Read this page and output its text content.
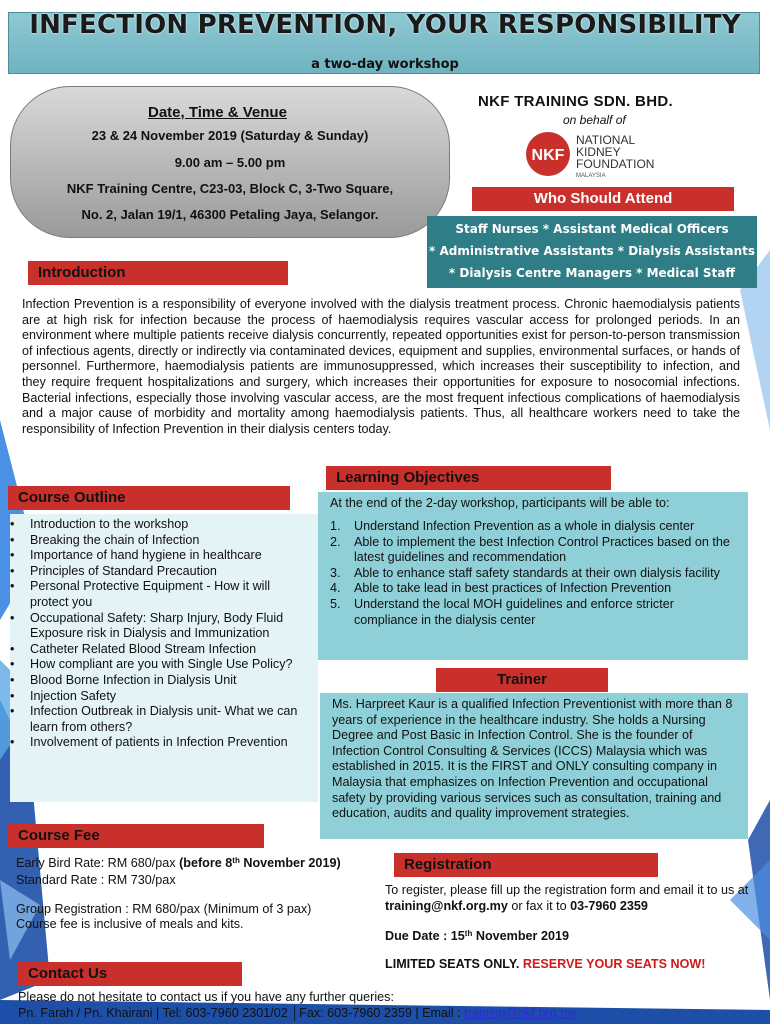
INFECTION PREVENTION, YOUR RESPONSIBILITY
a two-day workshop
Date, Time & Venue
23 & 24 November 2019 (Saturday & Sunday)
9.00 am – 5.00 pm
NKF Training Centre, C23-03, Block C, 3-Two Square,
No. 2, Jalan 19/1, 46300 Petaling Jaya, Selangor.
NKF TRAINING SDN. BHD.
on behalf of
NKF
NATIONAL
KIDNEY
FOUNDATION
MALAYSIA
Who Should Attend
Staff Nurses * Assistant Medical Officers
* Administrative Assistants * Dialysis Assistants
* Dialysis Centre Managers * Medical Staff
Introduction
Infection Prevention is a responsibility of everyone involved with the dialysis treatment process. Chronic haemodialysis patients are at high risk for infection because the process of haemodialysis requires vascular access for prolonged periods. In an environment where multiple patients receive dialysis concurrently, repeated opportunities exist for person-to-person transmission of infectious agents, directly or indirectly via contaminated devices, equipment and supplies, environmental surfaces, or hands of personnel. Furthermore, haemodialysis patients are immunosuppressed, which increases their susceptibility to infection, and they require frequent hospitalizations and surgery, which increases their opportunities for exposure to nosocomial infections. Bacterial infections, especially those involving vascular access, are the most frequent infectious complications of haemodialysis and a major cause of morbidity and mortality among haemodialysis patients. Thus, all healthcare workers need to take the responsibility of Infection Prevention in their dialysis centers today.
Learning Objectives
At the end of the 2-day workshop, participants will be able to:
1. Understand Infection Prevention as a whole in dialysis center
2. Able to implement the best Infection Control Practices based on the latest guidelines and recommendation
3. Able to enhance staff safety standards at their own dialysis facility
4. Able to take lead in best practices of Infection Prevention
5. Understand the local MOH guidelines and enforce stricter compliance in the dialysis center
Course Outline
• Introduction to the workshop
• Breaking the chain of Infection
• Importance of hand hygiene in healthcare
• Principles of Standard Precaution
• Personal Protective Equipment - How it will protect you
• Occupational Safety: Sharp Injury, Body Fluid Exposure risk in Dialysis and Immunization
• Catheter Related Blood Stream Infection
• How compliant are you with Single Use Policy?
• Blood Borne Infection in Dialysis Unit
• Injection Safety
• Infection Outbreak in Dialysis unit- What we can learn from others?
• Involvement of patients in Infection Prevention
Trainer
Ms. Harpreet Kaur is a qualified Infection Preventionist with more than 8 years of experience in the healthcare industry. She holds a Nursing Degree and Post Basic in Infection Control. She is the founder of Infection Control Consulting & Services (ICCS) Malaysia which was established in 2015. It is the FIRST and ONLY consulting company in Malaysia that emphasizes on Infection Prevention and occupational safety by providing various services such as consultation, training and education, audits and quality improvement strategies.
Course Fee
Early Bird Rate: RM 680/pax (before 8th November 2019)
Standard Rate : RM 730/pax
Group Registration : RM 680/pax (Minimum of 3 pax)
Course fee is inclusive of meals and kits.
Registration
To register, please fill up the registration form and email it to us at training@nkf.org.my or fax it to 03-7960 2359
Due Date : 15th November 2019
LIMITED SEATS ONLY. RESERVE YOUR SEATS NOW!
Contact Us
Please do not hesitate to contact us if you have any further queries:
Pn. Farah / Pn. Khairani | Tel: 603-7960 2301/02 │Fax: 603-7960 2359 | Email : training@nkf.org.my
